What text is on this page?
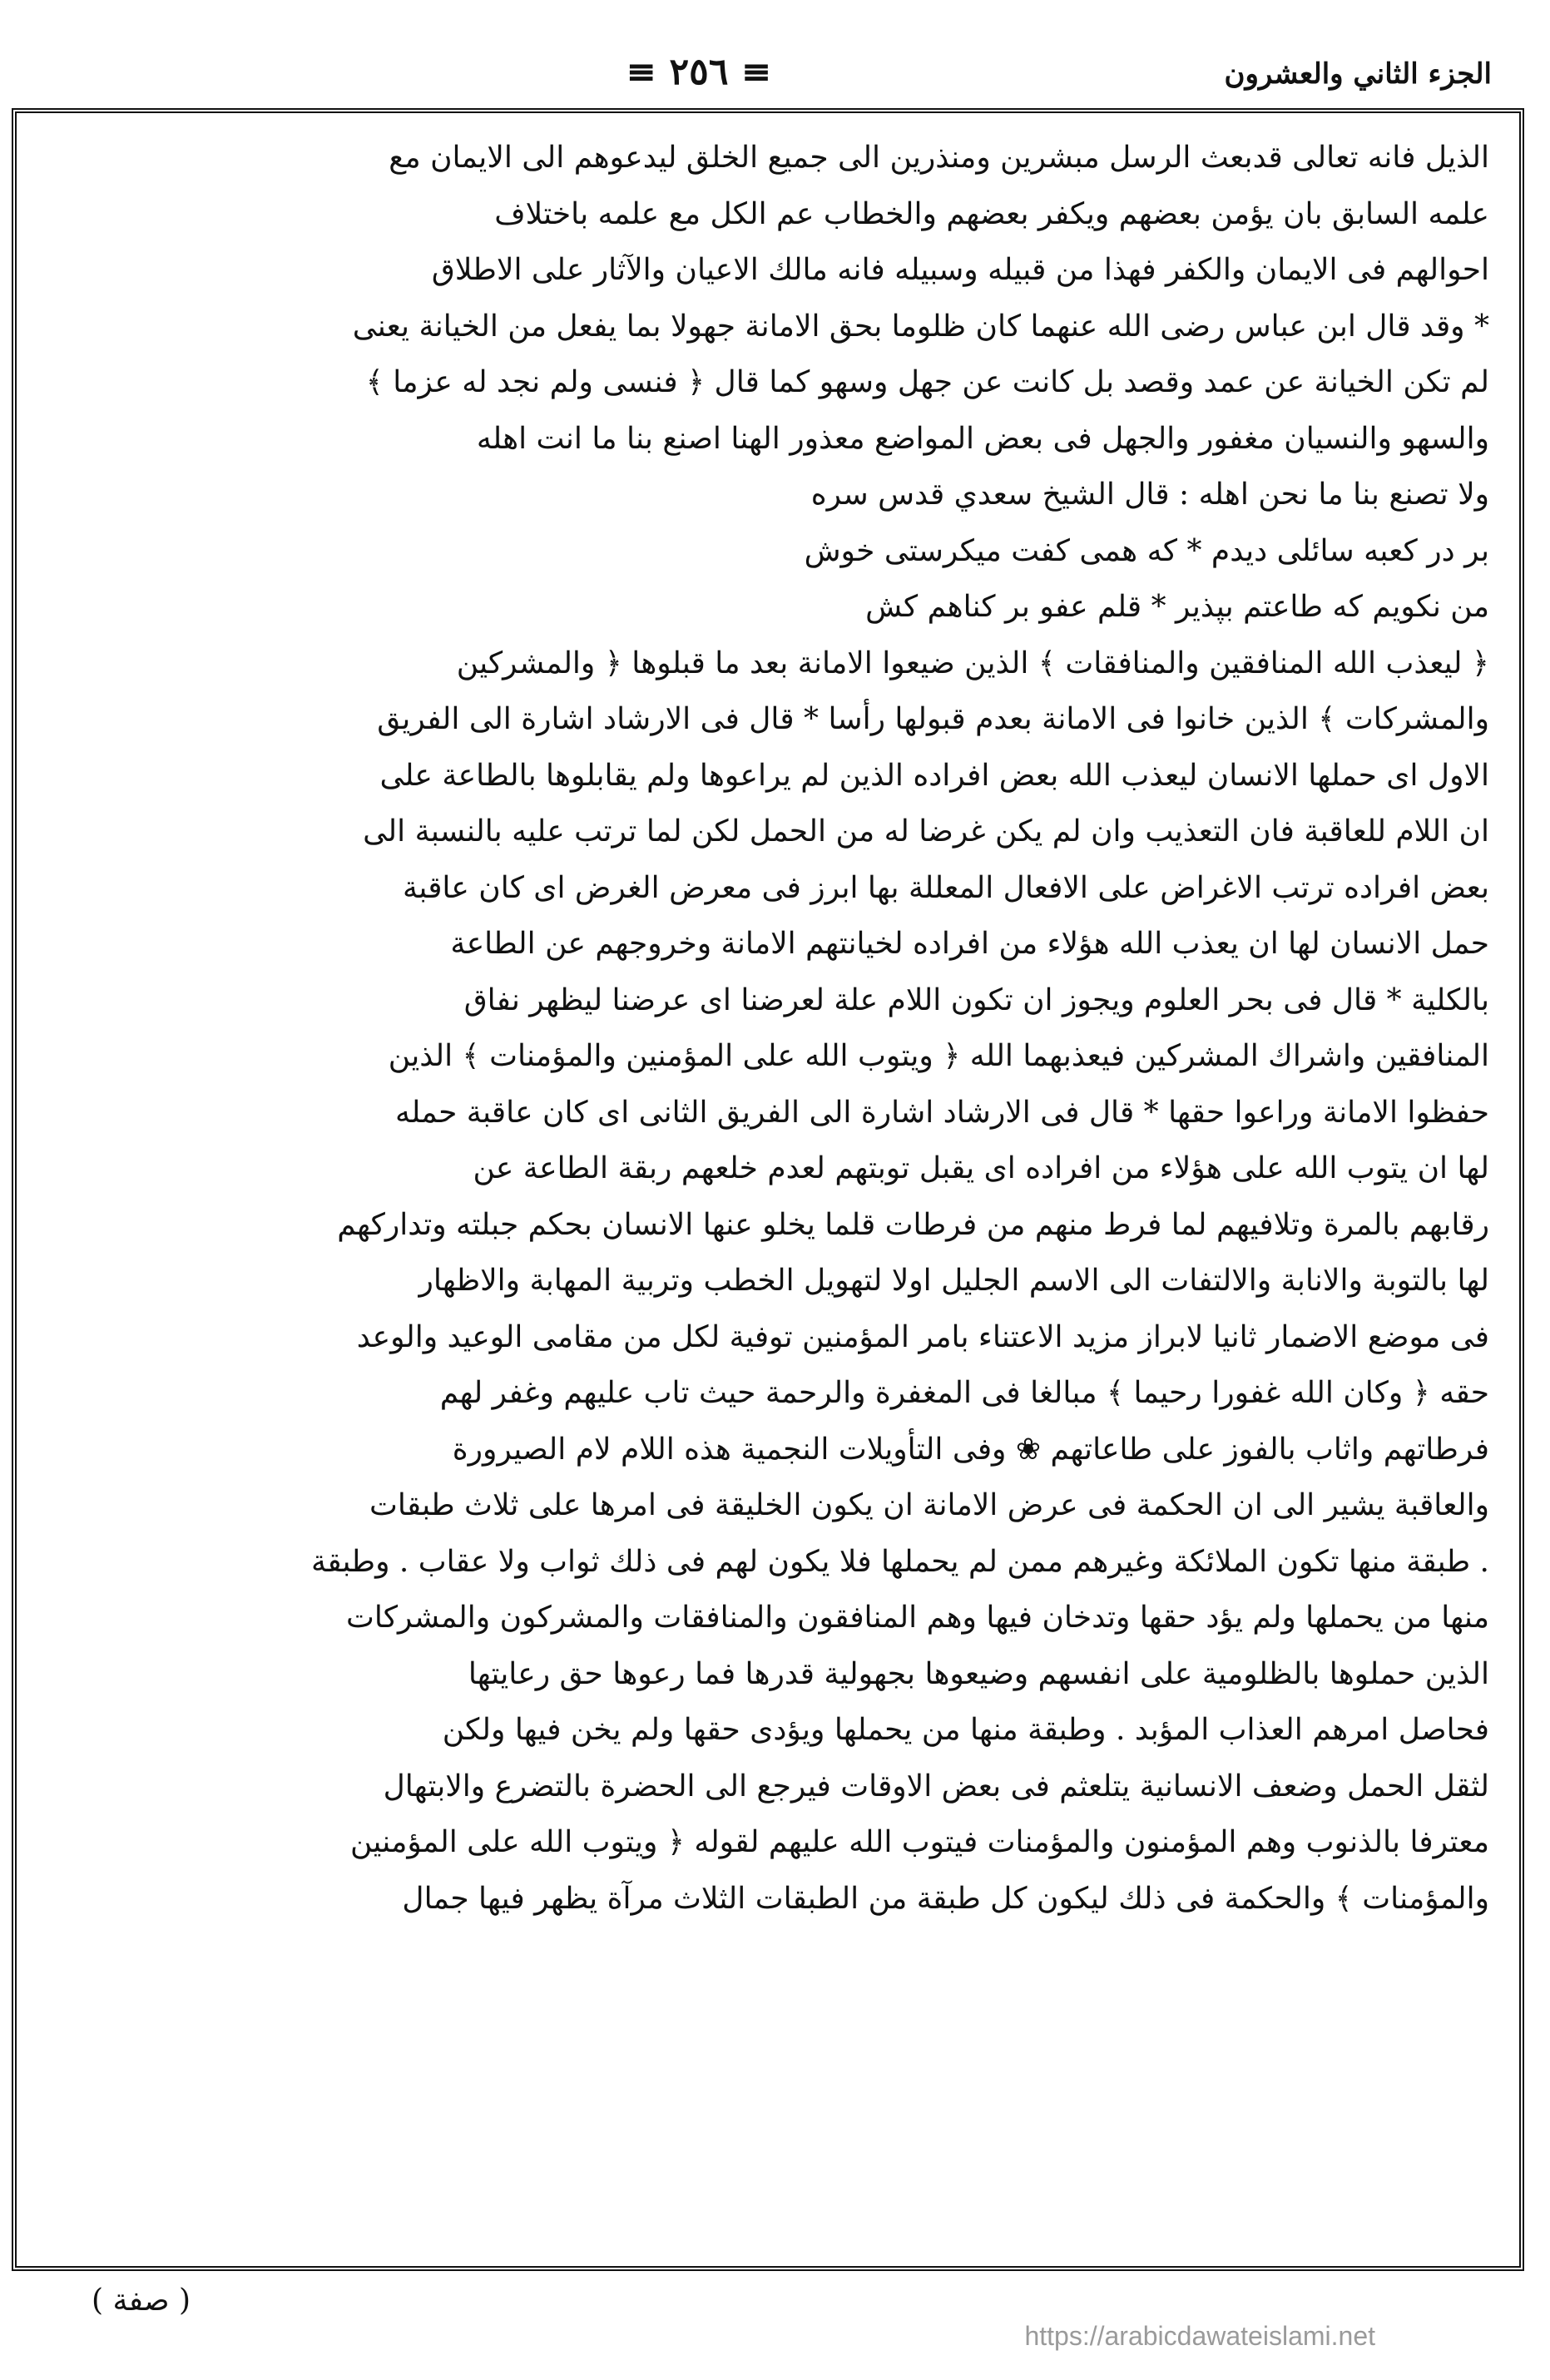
الجزء الثاني والعشرون
≡ ٢٥٦ ≡
الذيل فانه تعالى قدبعث الرسل مبشرين ومنذرين الى جميع الخلق ليدعوهم الى الايمان مع
علمه السابق بان يؤمن بعضهم ويكفر بعضهم والخطاب عم الكل مع علمه باختلاف
احوالهم فى الايمان والكفر فهذا من قبيله وسبيله فانه مالك الاعيان والآثار على الاطلاق
* وقد قال ابن عباس رضى الله عنهما كان ظلوما بحق الامانة جهولا بما يفعل من الخيانة يعنى
لم تكن الخيانة عن عمد وقصد بل كانت عن جهل وسهو كما قال ﴿ فنسى ولم نجد له عزما ﴾
والسهو والنسيان مغفور والجهل فى بعض المواضع معذور الهنا اصنع بنا ما انت اهله
ولا تصنع بنا ما نحن اهله : قال الشيخ سعدي قدس سره
بر در كعبه سائلى ديدم * كه همى كفت ميكرستى خوش
من نكويم كه طاعتم بپذير * قلم عفو بر كناهم كش
﴿ ليعذب الله المنافقين والمنافقات ﴾ الذين ضيعوا الامانة بعد ما قبلوها ﴿ والمشركين
والمشركات ﴾ الذين خانوا فى الامانة بعدم قبولها رأسا * قال فى الارشاد اشارة الى الفريق
الاول اى حملها الانسان ليعذب الله بعض افراده الذين لم يراعوها ولم يقابلوها بالطاعة على
ان اللام للعاقبة فان التعذيب وان لم يكن غرضا له من الحمل لكن لما ترتب عليه بالنسبة الى
بعض افراده ترتب الاغراض على الافعال المعللة بها ابرز فى معرض الغرض اى كان عاقبة
حمل الانسان لها ان يعذب الله هؤلاء من افراده لخيانتهم الامانة وخروجهم عن الطاعة
بالكلية * قال فى بحر العلوم ويجوز ان تكون اللام علة لعرضنا اى عرضنا ليظهر نفاق
المنافقين واشراك المشركين فيعذبهما الله ﴿ ويتوب الله على المؤمنين والمؤمنات ﴾ الذين
حفظوا الامانة وراعوا حقها * قال فى الارشاد اشارة الى الفريق الثانى اى كان عاقبة حمله
لها ان يتوب الله على هؤلاء من افراده اى يقبل توبتهم لعدم خلعهم ربقة الطاعة عن
رقابهم بالمرة وتلافيهم لما فرط منهم من فرطات قلما يخلو عنها الانسان بحكم جبلته وتداركهم
لها بالتوبة والانابة والالتفات الى الاسم الجليل اولا لتهويل الخطب وتربية المهابة والاظهار
فى موضع الاضمار ثانيا لابراز مزيد الاعتناء بامر المؤمنين توفية لكل من مقامى الوعيد والوعد
حقه ﴿ وكان الله غفورا رحيما ﴾ مبالغا فى المغفرة والرحمة حيث تاب عليهم وغفر لهم
فرطاتهم واثاب بالفوز على طاعاتهم ❀ وفى التأويلات النجمية هذه اللام لام الصيرورة
والعاقبة يشير الى ان الحكمة فى عرض الامانة ان يكون الخليقة فى امرها على ثلاث طبقات
. طبقة منها تكون الملائكة وغيرهم ممن لم يحملها فلا يكون لهم فى ذلك ثواب ولا عقاب . وطبقة
منها من يحملها ولم يؤد حقها وتدخان فيها وهم المنافقون والمنافقات والمشركون والمشركات
الذين حملوها بالظلومية على انفسهم وضيعوها بجهولية قدرها فما رعوها حق رعايتها
فحاصل امرهم العذاب المؤبد . وطبقة منها من يحملها ويؤدى حقها ولم يخن فيها ولكن
لثقل الحمل وضعف الانسانية يتلعثم فى بعض الاوقات فيرجع الى الحضرة بالتضرع والابتهال
معترفا بالذنوب وهم المؤمنون والمؤمنات فيتوب الله عليهم لقوله ﴿ ويتوب الله على المؤمنين
والمؤمنات ﴾ والحكمة فى ذلك ليكون كل طبقة من الطبقات الثلاث مرآة يظهر فيها جمال
( صفة )
https://arabicdawateislami.net
